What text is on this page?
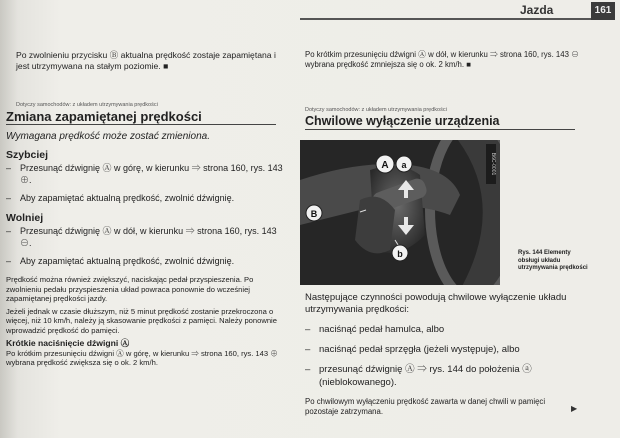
Jazda	161

Po zwolnieniu przycisku Ⓑ aktualna prędkość zostaje zapamiętana i jest utrzymywana na stałym poziomie. ■

Dotyczy samochodów: z układem utrzymywania prędkości
Zmiana zapamiętanej prędkości
Wymagana prędkość może zostać zmieniona.
Szybciej
– Przesunąć dźwignię Ⓐ w górę, w kierunku ⇒ strona 160, rys. 143 ⊕.
– Aby zapamiętać aktualną prędkość, zwolnić dźwignię.
Wolniej
– Przesunąć dźwignię Ⓐ w dół, w kierunku ⇒ strona 160, rys. 143 ⊖.
– Aby zapamiętać aktualną prędkość, zwolnić dźwignię.

Prędkość można również zwiększyć, naciskając pedał przyspieszenia. Po zwolnieniu pedału przyspieszenia układ powraca ponownie do wcześniej zapamiętanej prędkości jazdy.

Jeżeli jednak w czasie dłuższym, niż 5 minut prędkość zostanie przekroczona o więcej, niż 10 km/h, należy ją skasowanie prędkości z pamięci. Należy ponownie wprowadzić prędkość do pamięci.

Krótkie naciśnięcie dźwigni Ⓐ

Po krótkim przesunięciu dźwigni Ⓐ w górę, w kierunku ⇒ strona 160, rys. 143 ⊕ wybrana prędkość zwiększa się o ok. 2 km/h.

Po krótkim przesunięciu dźwigni Ⓐ w dół, w kierunku ⇒ strona 160, rys. 143 ⊖ wybrana prędkość zmniejsza się o ok. 2 km/h. ■

Dotyczy samochodów: z układem utrzymywania prędkości
Chwilowe wyłączenie urządzenia
B6C-0001
A a
B
b	Rys. 144 Elementy obsługi układu utrzymywania prędkości

Następujące czynności powodują chwilowe wyłączenie układu utrzymywania prędkości:

– naciśnąć pedał hamulca, albo
– naciśnąć pedał sprzęgła (jeżeli występuje), albo
– przesunąć dźwignię Ⓐ ⇒ rys. 144 do położenia ⓐ (nieblokowanego).

Po chwilowym wyłączeniu prędkość zawarta w danej chwili w pamięci pozostaje zatrzymana.	▶
